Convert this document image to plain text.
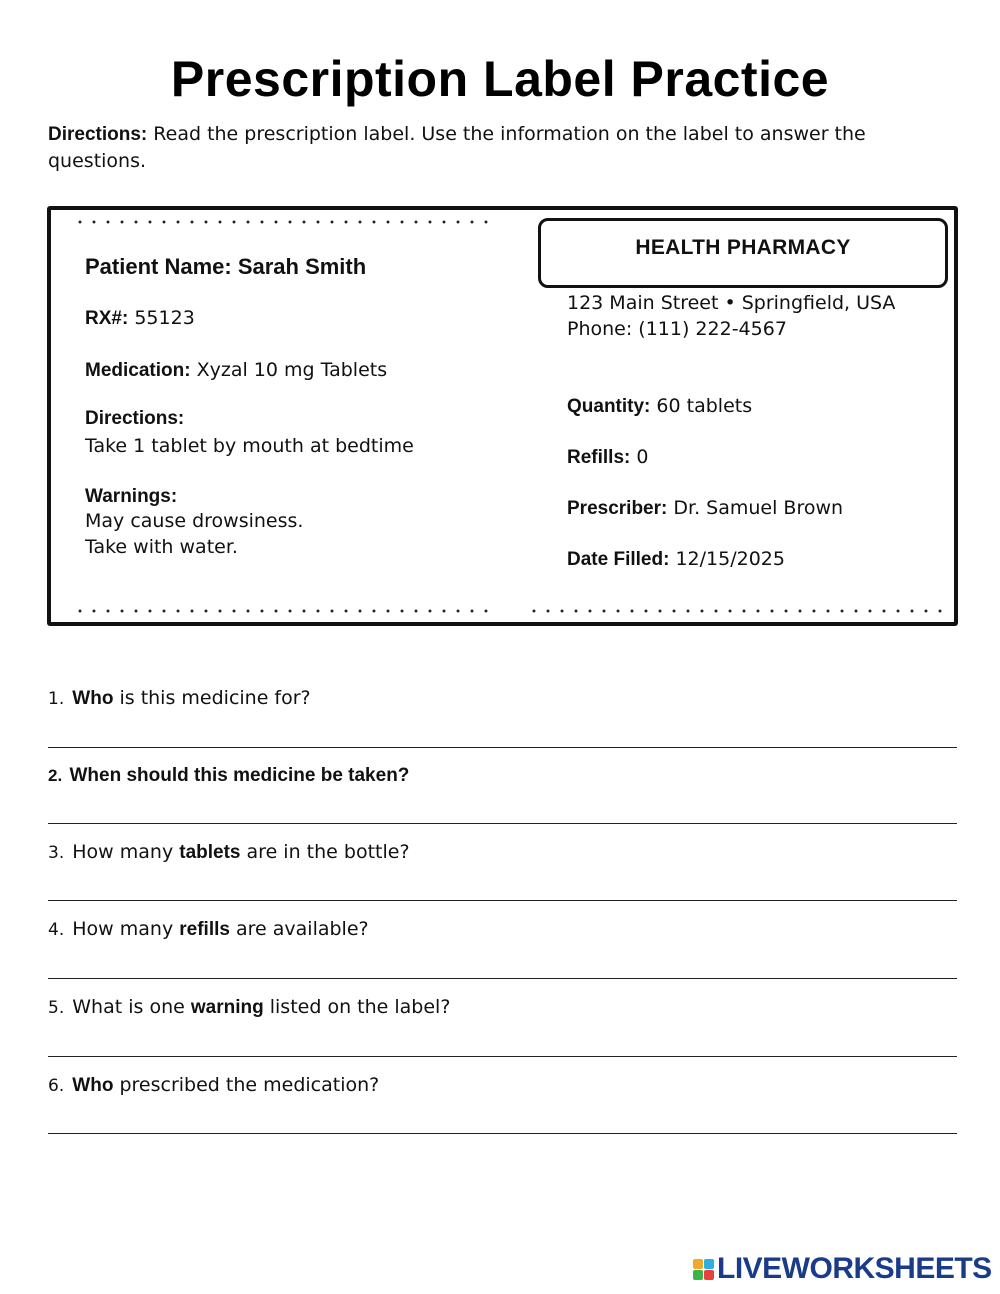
Prescription Label Practice
Directions: Read the prescription label. Use the information on the label to answer the questions.
Patient Name: Sarah Smith
RX#: 55123
Medication: Xyzal 10 mg Tablets
Directions:
Take 1 tablet by mouth at bedtime
Warnings:
May cause drowsiness.
Take with water.
HEALTH PHARMACY
123 Main Street • Springfield, USA
Phone: (111) 222-4567
Quantity: 60 tablets
Refills: 0
Prescriber: Dr. Samuel Brown
Date Filled: 12/15/2025
1. Who is this medicine for?
2. When should this medicine be taken?
3. How many tablets are in the bottle?
4. How many refills are available?
5. What is one warning listed on the label?
6. Who prescribed the medication?
LIVEWORKSHEETS
